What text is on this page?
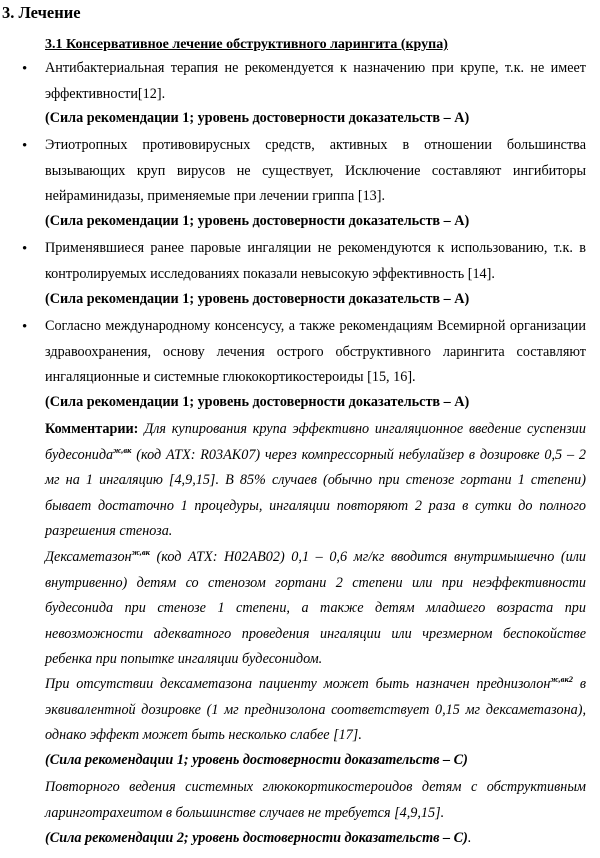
3. Лечение
3.1 Консервативное лечение обструктивного ларингита (крупа)
• Антибактериальная терапия не рекомендуется к назначению при крупе, т.к. не имеет эффективности[12].
(Сила рекомендации 1; уровень достоверности доказательств – А)
• Этиотропных противовирусных средств, активных в отношении большинства вызывающих круп вирусов не существует, Исключение составляют ингибиторы нейраминидазы, применяемые при лечении гриппа [13].
(Сила рекомендации 1; уровень достоверности доказательств – А)
• Применявшиеся ранее паровые ингаляции не рекомендуются к использованию, т.к. в контролируемых исследованиях показали невысокую эффективность [14].
(Сила рекомендации 1; уровень достоверности доказательств – А)
• Согласно международному консенсусу, а также рекомендациям Всемирной организации здравоохранения, основу лечения острого обструктивного ларингита составляют ингаляционные и системные глюкокортикостероиды [15, 16].
(Сила рекомендации 1; уровень достоверности доказательств – А)
Комментарии: Для купирования крупа эффективно ингаляционное введение суспензии будесонида$^{ж,вк}$ (код АТХ: R03AK07) через компрессорный небулайзер в дозировке 0,5 – 2 мг на 1 ингаляцию [4,9,15]. В 85% случаев (обычно при стенозе гортани 1 степени) бывает достаточно 1 процедуры, ингаляции повторяют 2 раза в сутки до полного разрешения стеноза.
Дексаметазон$^{ж,вк}$ (код АТХ: H02AB02) 0,1 – 0,6 мг/кг вводится внутримышечно (или внутривенно) детям со стенозом гортани 2 степени или при неэффективности будесонида при стенозе 1 степени, а также детям младшего возраста при невозможности адекватного проведения ингаляции или чрезмерном беспокойстве ребенка при попытке ингаляции будесонидом.
При отсутствии дексаметазона пациенту может быть назначен преднизолон$^{ж,вк2}$ в эквивалентной дозировке (1 мг преднизолона соответствует 0,15 мг дексаметазона), однако эффект может быть несколько слабее [17].
(Сила рекомендации 1; уровень достоверности доказательств – С)
Повторного ведения системных глюкокортикостероидов детям с обструктивным ларинготрахеитом в большинстве случаев не требуется [4,9,15].
(Сила рекомендации 2; уровень достоверности доказательств – С).
